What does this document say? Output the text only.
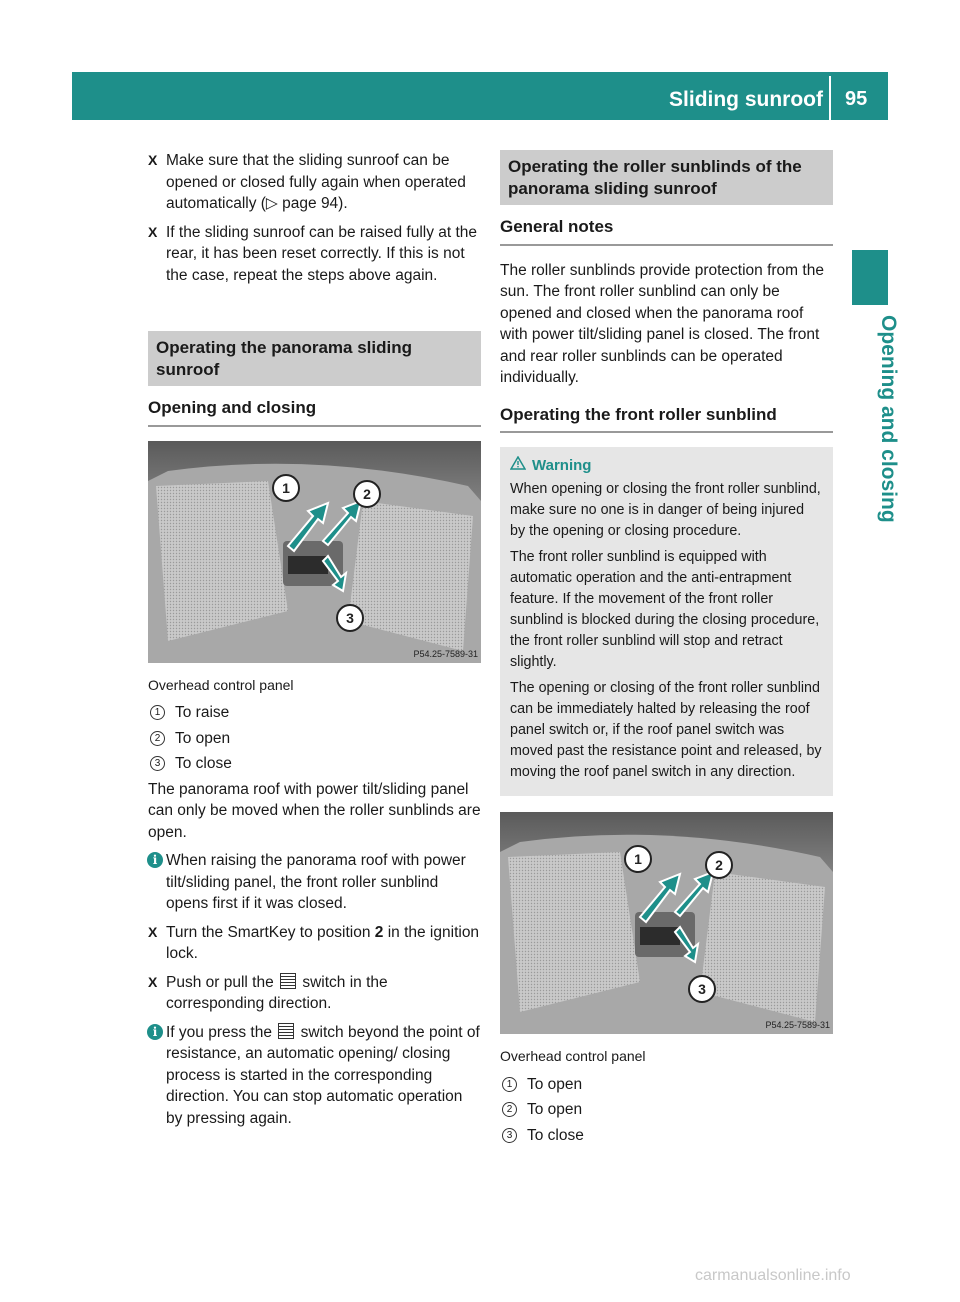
Sliding sunroof 95
Opening and closing
X Make sure that the sliding sunroof can be opened or closed fully again when operated automatically (▷ page 94).
X If the sliding sunroof can be raised fully at the rear, it has been reset correctly. If this is not the case, repeat the steps above again.
Operating the panorama sliding sunroof
Opening and closing
1	2
3
P54.25-7589-31
Overhead control panel
1 To raise
2 To open
3 To close

The panorama roof with power tilt/sliding panel can only be moved when the roller sunblinds are open.

i When raising the panorama roof with power tilt/sliding panel, the front roller sunblind opens first if it was closed.
X Turn the SmartKey to position 2 in the ignition lock.
X Push or pull the  switch in the corresponding direction.
i If you press the  switch beyond the point of resistance, an automatic opening/ closing process is started in the corresponding direction. You can stop automatic operation by pressing again.
Operating the roller sunblinds of the panorama sliding sunroof
General notes

The roller sunblinds provide protection from the sun. The front roller sunblind can only be opened and closed when the panorama roof with power tilt/sliding panel is closed. The front and rear roller sunblinds can be operated individually.

Operating the front roller sunblind
Warning

When opening or closing the front roller sunblind, make sure no one is in danger of being injured by the opening or closing procedure.

The front roller sunblind is equipped with automatic operation and the anti-entrapment feature. If the movement of the front roller sunblind is blocked during the closing procedure, the front roller sunblind will stop and retract slightly.

The opening or closing of the front roller sunblind can be immediately halted by releasing the roof panel switch or, if the roof panel switch was moved past the resistance point and released, by moving the roof panel switch in any direction.

1	2
3
P54.25-7589-31
Overhead control panel
1 To open
2 To open
3 To close
carmanualsonline.info
